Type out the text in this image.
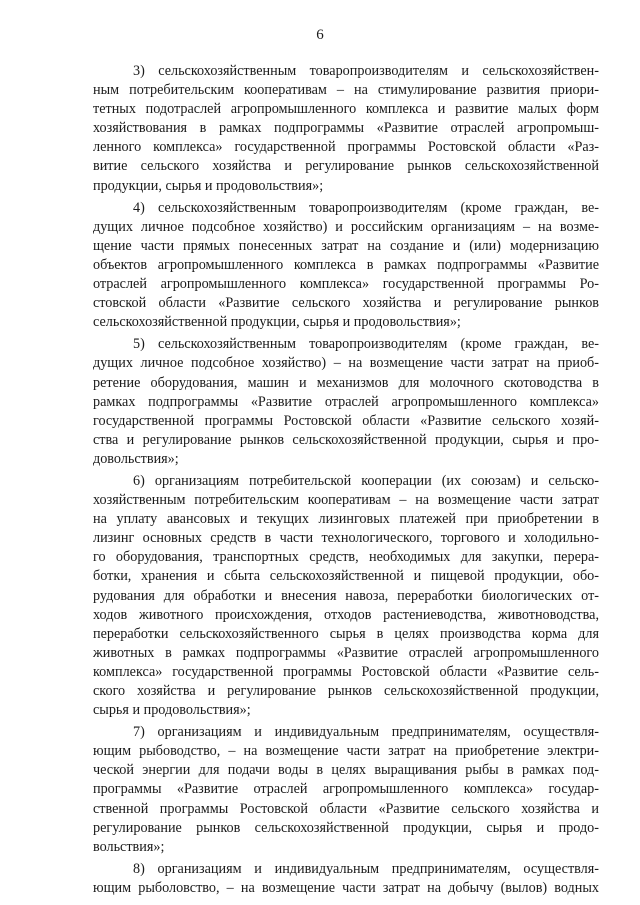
6
3) сельскохозяйственным товаропроизводителям и сельскохозяйствен-
ным потребительским кооперативам – на стимулирование развития приори-
тетных подотраслей агропромышленного комплекса и развитие малых форм
хозяйствования в рамках подпрограммы «Развитие отраслей агропромыш-
ленного комплекса» государственной программы Ростовской области «Раз-
витие сельского хозяйства и регулирование рынков сельскохозяйственной
продукции, сырья и продовольствия»;
4) сельскохозяйственным товаропроизводителям (кроме граждан, ве-
дущих личное подсобное хозяйство) и российским организациям – на возме-
щение части прямых понесенных затрат на создание и (или) модернизацию
объектов агропромышленного комплекса в рамках подпрограммы «Развитие
отраслей агропромышленного комплекса» государственной программы Ро-
стовской области «Развитие сельского хозяйства и регулирование рынков
сельскохозяйственной продукции, сырья и продовольствия»;
5) сельскохозяйственным товаропроизводителям (кроме граждан, ве-
дущих личное подсобное хозяйство) – на возмещение части затрат на приоб-
ретение оборудования, машин и механизмов для молочного скотоводства в
рамках подпрограммы «Развитие отраслей агропромышленного комплекса»
государственной программы Ростовской области «Развитие сельского хозяй-
ства и регулирование рынков сельскохозяйственной продукции, сырья и про-
довольствия»;
6) организациям потребительской кооперации (их союзам) и сельско-
хозяйственным потребительским кооперативам – на возмещение части затрат
на уплату авансовых и текущих лизинговых платежей при приобретении в
лизинг основных средств в части технологического, торгового и холодильно-
го оборудования, транспортных средств, необходимых для закупки, перера-
ботки, хранения и сбыта сельскохозяйственной и пищевой продукции, обо-
рудования для обработки и внесения навоза, переработки биологических от-
ходов животного происхождения, отходов растениеводства, животноводства,
переработки сельскохозяйственного сырья в целях производства корма для
животных в рамках подпрограммы «Развитие отраслей агропромышленного
комплекса» государственной программы Ростовской области «Развитие сель-
ского хозяйства и регулирование рынков сельскохозяйственной продукции,
сырья и продовольствия»;
7) организациям и индивидуальным предпринимателям, осуществля-
ющим рыбоводство, – на возмещение части затрат на приобретение электри-
ческой энергии для подачи воды в целях выращивания рыбы в рамках под-
программы «Развитие отраслей агропромышленного комплекса» государ-
ственной программы Ростовской области «Развитие сельского хозяйства и
регулирование рынков сельскохозяйственной продукции, сырья и продо-
вольствия»;
8) организациям и индивидуальным предпринимателям, осуществля-
ющим рыболовство, – на возмещение части затрат на добычу (вылов) водных
